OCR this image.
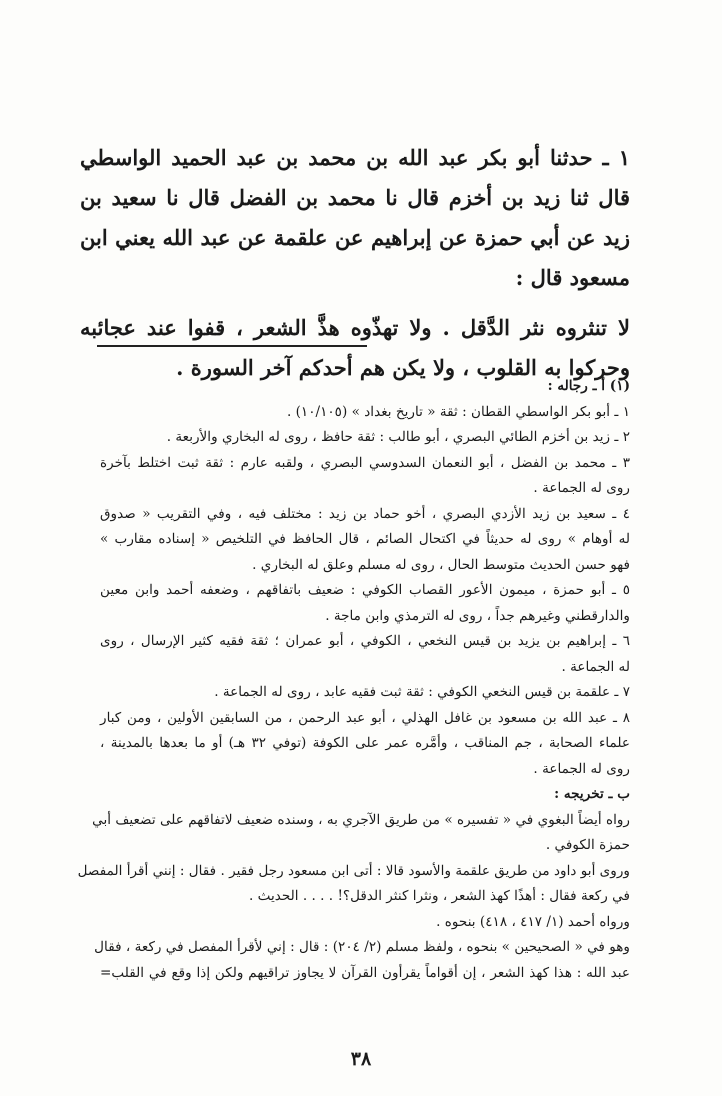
١ ـ حدثنا أبو بكر عبد الله بن محمد بن عبد الحميد الواسطي قال ثنا زيد بن أخزم قال نا محمد بن الفضل قال نا سعيد بن زيد عن أبي حمزة عن إبراهيم عن علقمة عن عبد الله يعني ابن مسعود قال :

لا تنثروه نثر الدَّقل . ولا تهذّوه هذَّ الشعر ، قفوا عند عجائبه وحركوا به القلوب ، ولا يكن هم أحدكم آخر السورة .

(١) أ ـ رجاله :

١ ـ أبو بكر الواسطي القطان : ثقة « تاريخ بغداد » (١٠/١٠٥) .

٢ ـ زيد بن أخزم الطائي البصري ، أبو طالب : ثقة حافظ ، روى له البخاري والأربعة .

٣ ـ محمد بن الفضل ، أبو النعمان السدوسي البصري ، ولقبه عارم : ثقة ثبت اختلط بآخرة

روى له الجماعة .

٤ ـ سعيد بن زيد الأزدي البصري ، أخو حماد بن زيد : مختلف فيه ، وفي التقريب « صدوق

له أوهام » روى له حديثاً في اكتحال الصائم ، قال الحافظ في التلخيص « إسناده مقارب »

فهو حسن الحديث متوسط الحال ، روى له مسلم وعلق له البخاري .

٥ ـ أبو حمزة ، ميمون الأعور القصاب الكوفي : ضعيف باتفاقهم ، وضعفه أحمد وابن معين

والدارقطني وغيرهم جداً ، روى له الترمذي وابن ماجة .

٦ ـ إبراهيم بن يزيد بن قيس النخعي ، الكوفي ، أبو عمران ؛ ثقة فقيه كثير الإرسال ، روى

له الجماعة .

٧ ـ علقمة بن قيس النخعي الكوفي : ثقة ثبت فقيه عابد ، روى له الجماعة .

٨ ـ عبد الله بن مسعود بن غافل الهذلي ، أبو عبد الرحمن ، من السابقين الأولين ، ومن كبار

علماء الصحابة ، جم المناقب ، وأمَّره عمر على الكوفة (توفي ٣٢ هـ) أو ما بعدها بالمدينة ،

روى له الجماعة .

ب ـ تخريجه :

رواه أيضاً البغوي في « تفسيره » من طريق الآجري به ، وسنده ضعيف لاتفاقهم على تضعيف أبي

حمزة الكوفي .

وروى أبو داود من طريق علقمة والأسود قالا : أتى ابن مسعود رجل فقير . فقال : إنني أقرأ المفصل

في ركعة فقال : أهذًا كهذ الشعر ، ونثرا كنثر الدقل؟! . . . . الحديث .

ورواه أحمد (١/ ٤١٧ ، ٤١٨) بنحوه .

وهو في « الصحيحين » بنحوه ، ولفظ مسلم (٢/ ٢٠٤) : قال : إني لأقرأ المفصل في ركعة ، فقال

عبد الله : هذا كهذ الشعر ، إن أقواماً يقرأون القرآن لا يجاوز تراقيهم ولكن إذا وقع في القلب=

٣٨
